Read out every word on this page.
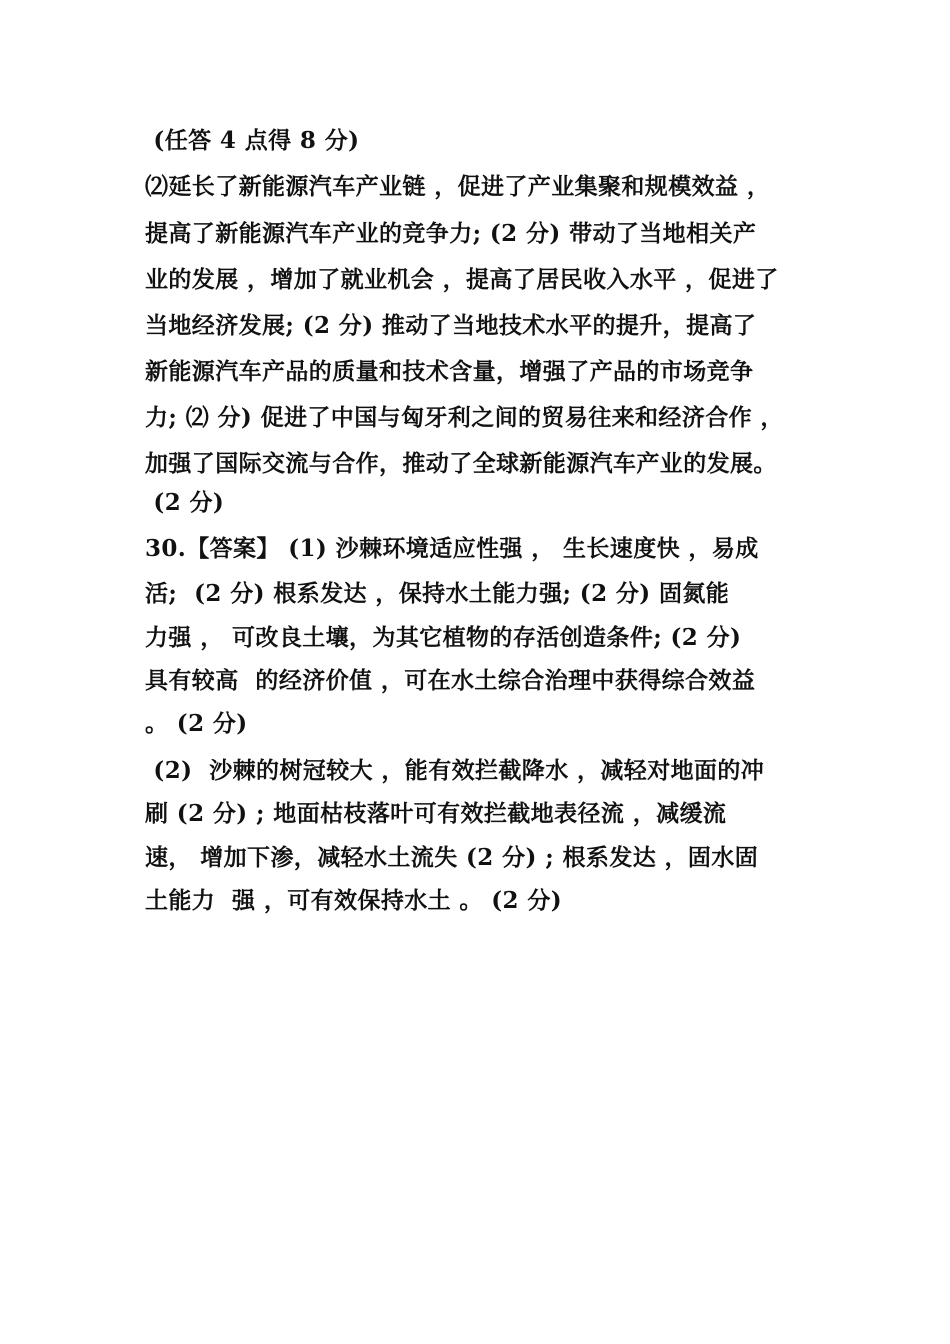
(任答 4 点得 8 分)
⑵延长了新能源汽车产业链 ，促进了产业集聚和规模效益 ，
提高了新能源汽车产业的竞争力; (2 分) 带动了当地相关产
业的发展 ，增加了就业机会 ，提高了居民收入水平 ，促进了
当地经济发展; (2 分) 推动了当地技术水平的提升，提高了
新能源汽车产品的质量和技术含量，增强了产品的市场竞争
力; ⑵ 分) 促进了中国与匈牙利之间的贸易往来和经济合作 ，
加强了国际交流与合作，推动了全球新能源汽车产业的发展。
(2 分)
30.【答案】 (1) 沙棘环境适应性强 ， 生长速度快 ，易成
活;  (2 分) 根系发达 ，保持水土能力强; (2 分) 固氮能
力强 ， 可改良土壤，为其它植物的存活创造条件; (2 分)
具有较高  的经济价值 ，可在水土综合治理中获得综合效益
。 (2 分)
(2)  沙棘的树冠较大 ，能有效拦截降水 ，减轻对地面的冲
刷 (2 分) ; 地面枯枝落叶可有效拦截地表径流 ，减缓流
速， 增加下渗，减轻水土流失 (2 分) ; 根系发达 ，固水固
土能力  强 ，可有效保持水土 。 (2 分)
